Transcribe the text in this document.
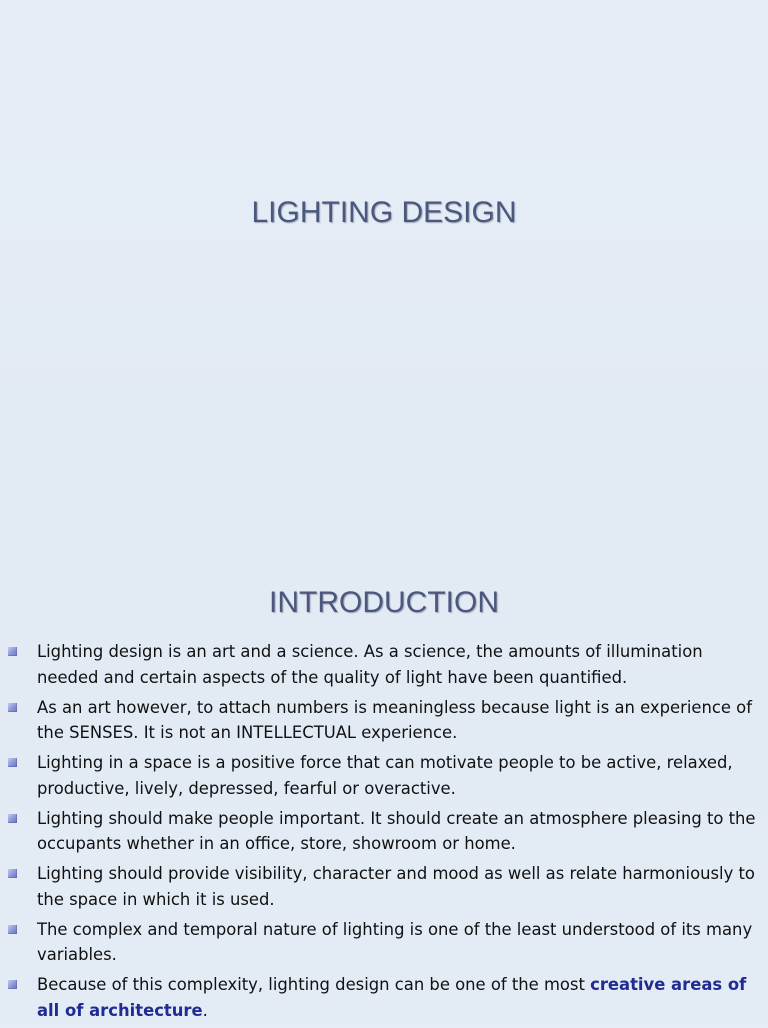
LIGHTING DESIGN
INTRODUCTION
Lighting design is an art and a science. As a science, the amounts of illumination needed and certain aspects of the quality of light have been quantified.
As an art however, to attach numbers is meaningless because light is an experience of the SENSES. It is not an INTELLECTUAL experience.
Lighting in a space is a positive force that can motivate people to be active, relaxed, productive, lively, depressed, fearful or overactive.
Lighting should make people important. It should create an atmosphere pleasing to the occupants whether in an office, store, showroom or home.
Lighting should provide visibility, character and mood as well as relate harmoniously to the space in which it is used.
The complex and temporal nature of lighting is one of the least understood of its many variables.
Because of this complexity, lighting design can be one of the most creative areas of all of architecture.
